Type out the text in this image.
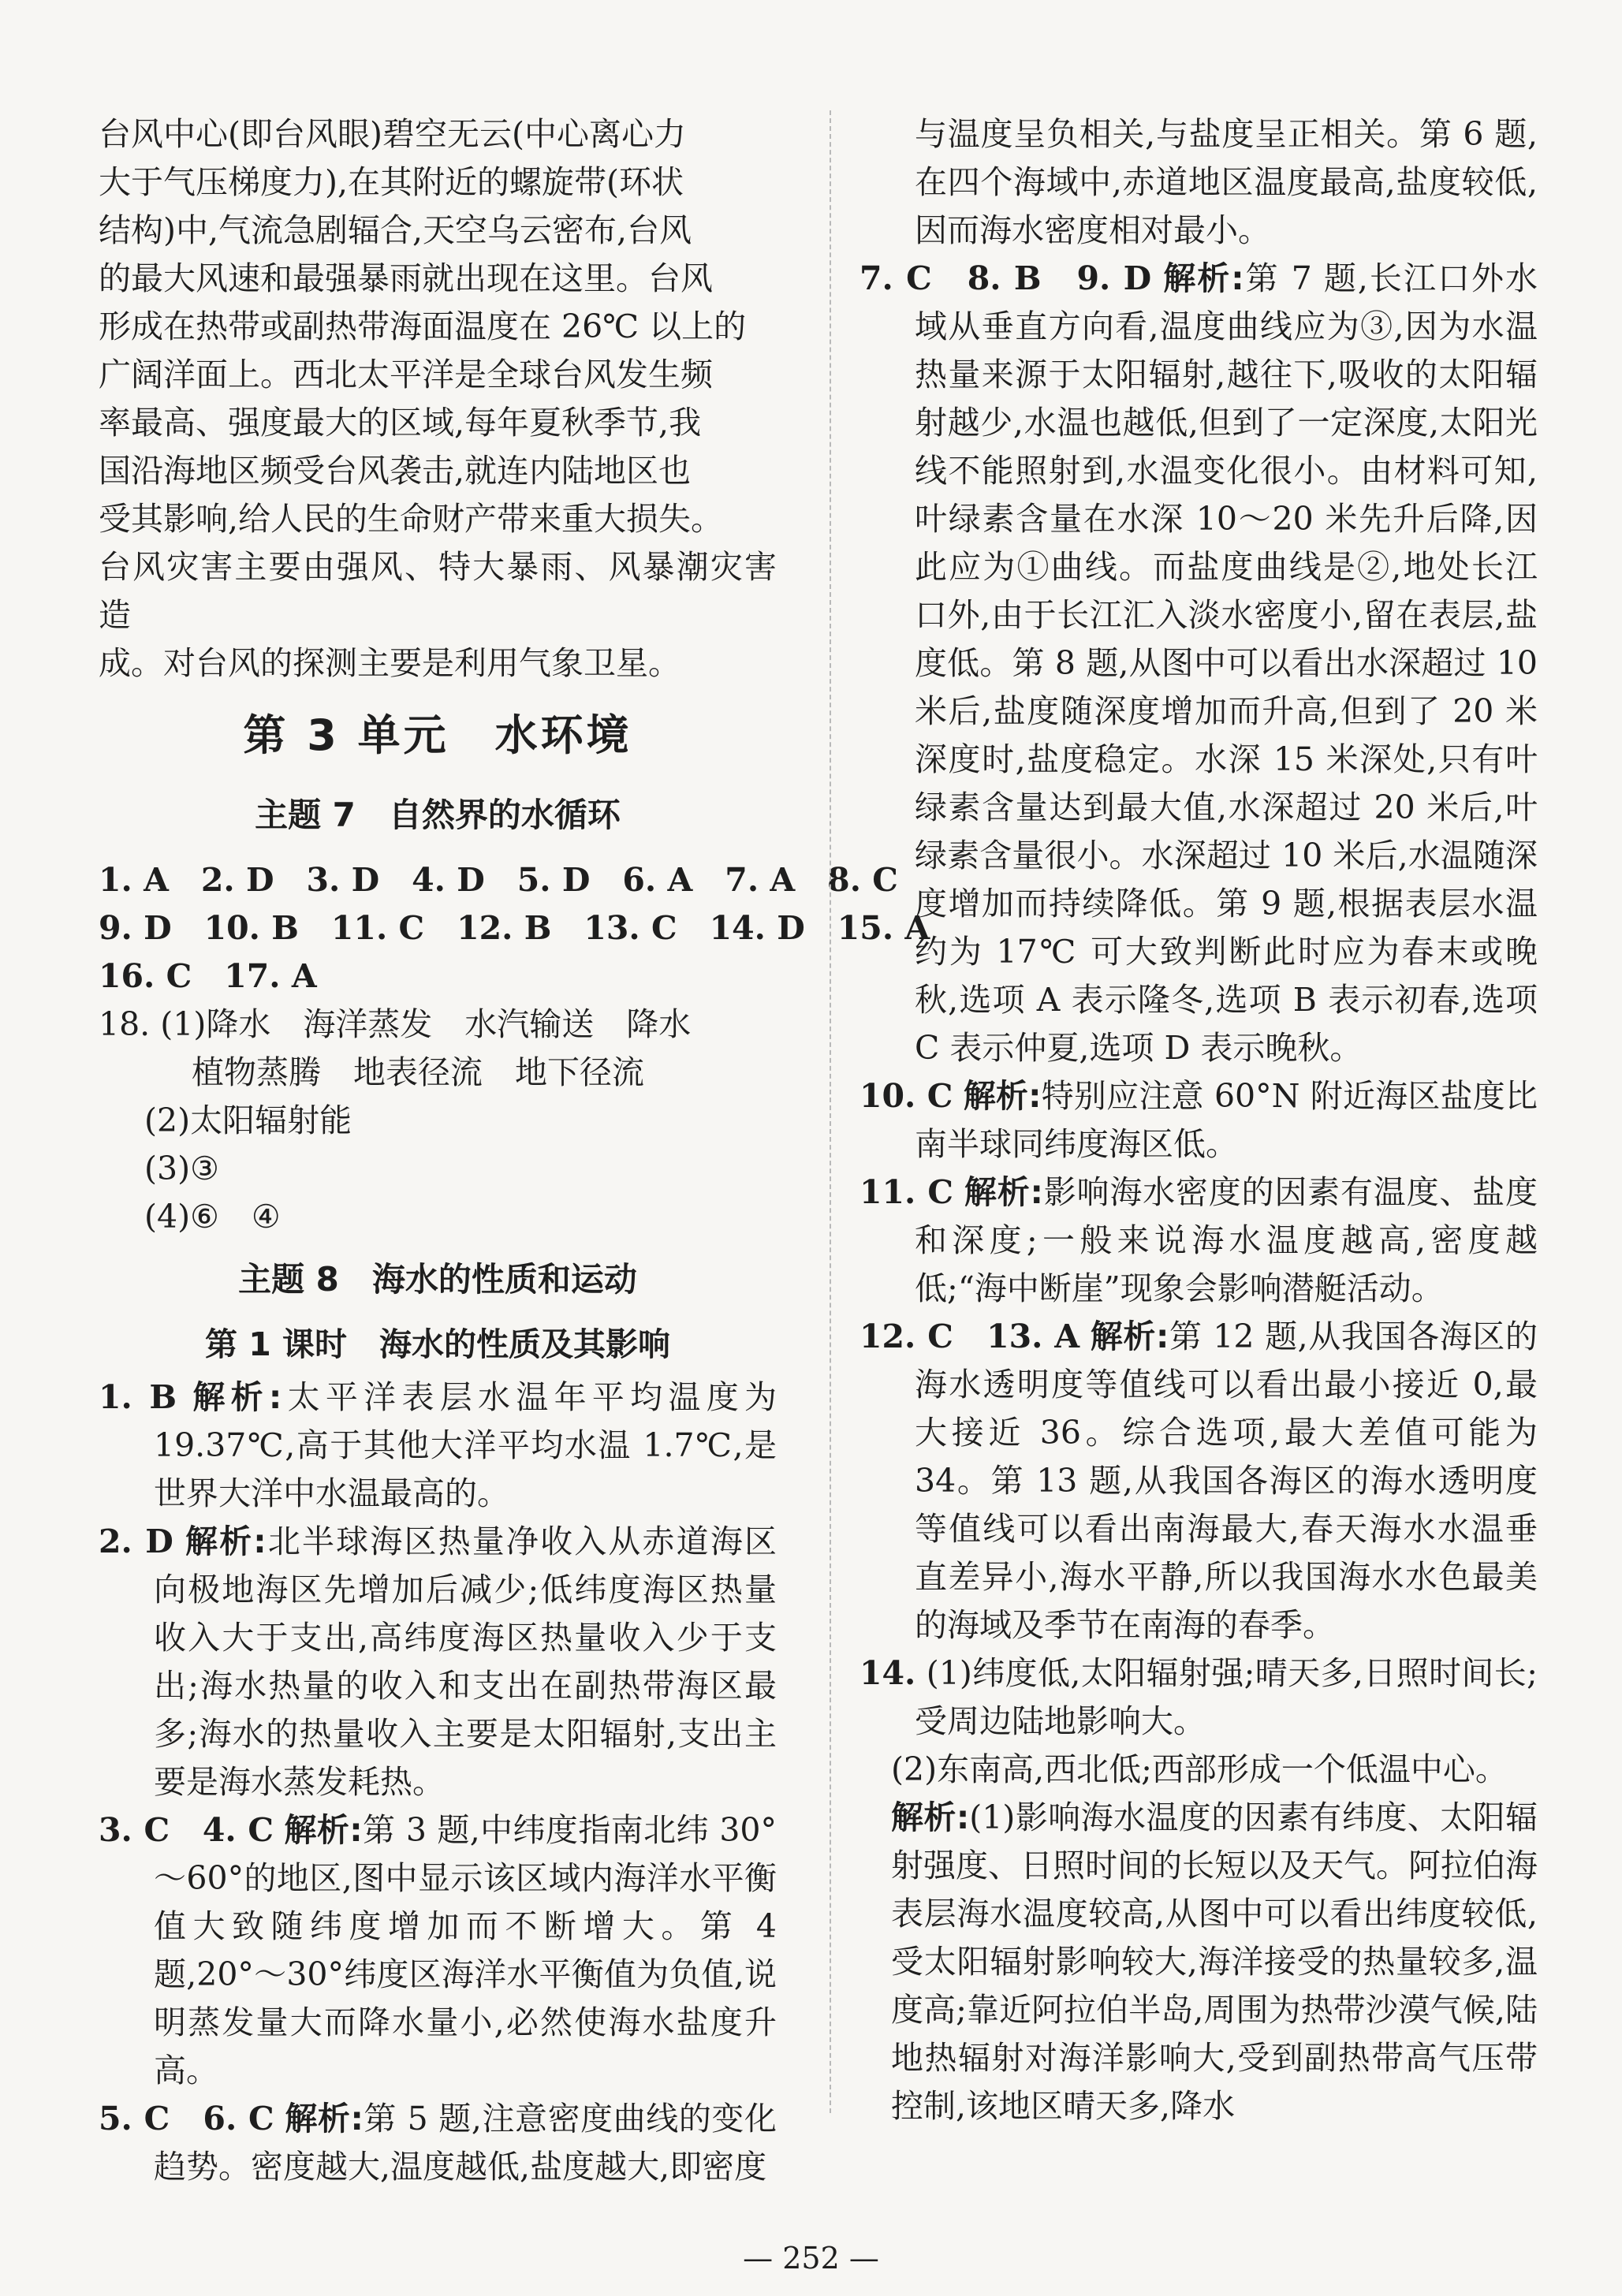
台风中心(即台风眼)碧空无云(中心离心力

大于气压梯度力),在其附近的螺旋带(环状

结构)中,气流急剧辐合,天空乌云密布,台风

的最大风速和最强暴雨就出现在这里。台风

形成在热带或副热带海面温度在 26℃ 以上的

广阔洋面上。西北太平洋是全球台风发生频

率最高、强度最大的区域,每年夏秋季节,我

国沿海地区频受台风袭击,就连内陆地区也

受其影响,给人民的生命财产带来重大损失。

台风灾害主要由强风、特大暴雨、风暴潮灾害造

成。对台风的探测主要是利用气象卫星。

第 3 单元　水环境
主题 7　自然界的水循环

1. A　2. D　3. D　4. D　5. D　6. A　7. A　8. C

9. D　10. B　11. C　12. B　13. C　14. D　15. A

16. C　17. A

18. (1)降水　海洋蒸发　水汽输送　降水

植物蒸腾　地表径流　地下径流

(2)太阳辐射能

(3)③

(4)⑥　④

主题 8　海水的性质和运动
第 1 课时　海水的性质及其影响

1. B 解析:太平洋表层水温年平均温度为 19.37℃,高于其他大洋平均水温 1.7℃,是世界大洋中水温最高的。

2. D 解析:北半球海区热量净收入从赤道海区向极地海区先增加后减少;低纬度海区热量收入大于支出,高纬度海区热量收入少于支出;海水热量的收入和支出在副热带海区最多;海水的热量收入主要是太阳辐射,支出主要是海水蒸发耗热。

3. C　4. C 解析:第 3 题,中纬度指南北纬 30°～60°的地区,图中显示该区域内海洋水平衡值大致随纬度增加而不断增大。第 4 题,20°～30°纬度区海洋水平衡值为负值,说明蒸发量大而降水量小,必然使海水盐度升高。

5. C　6. C 解析:第 5 题,注意密度曲线的变化趋势。密度越大,温度越低,盐度越大,即密度

与温度呈负相关,与盐度呈正相关。第 6 题,在四个海域中,赤道地区温度最高,盐度较低,因而海水密度相对最小。

7. C　8. B　9. D 解析:第 7 题,长江口外水域从垂直方向看,温度曲线应为③,因为水温热量来源于太阳辐射,越往下,吸收的太阳辐射越少,水温也越低,但到了一定深度,太阳光线不能照射到,水温变化很小。由材料可知,叶绿素含量在水深 10～20 米先升后降,因此应为①曲线。而盐度曲线是②,地处长江口外,由于长江汇入淡水密度小,留在表层,盐度低。第 8 题,从图中可以看出水深超过 10 米后,盐度随深度增加而升高,但到了 20 米深度时,盐度稳定。水深 15 米深处,只有叶绿素含量达到最大值,水深超过 20 米后,叶绿素含量很小。水深超过 10 米后,水温随深度增加而持续降低。第 9 题,根据表层水温约为 17℃ 可大致判断此时应为春末或晚秋,选项 A 表示隆冬,选项 B 表示初春,选项 C 表示仲夏,选项 D 表示晚秋。

10. C 解析:特别应注意 60°N 附近海区盐度比南半球同纬度海区低。

11. C 解析:影响海水密度的因素有温度、盐度和深度;一般来说海水温度越高,密度越低;“海中断崖”现象会影响潜艇活动。

12. C　13. A 解析:第 12 题,从我国各海区的海水透明度等值线可以看出最小接近 0,最大接近 36。综合选项,最大差值可能为 34。第 13 题,从我国各海区的海水透明度等值线可以看出南海最大,春天海水水温垂直差异小,海水平静,所以我国海水水色最美的海域及季节在南海的春季。

14. (1)纬度低,太阳辐射强;晴天多,日照时间长;受周边陆地影响大。

(2)东南高,西北低;西部形成一个低温中心。

解析:(1)影响海水温度的因素有纬度、太阳辐射强度、日照时间的长短以及天气。阿拉伯海表层海水温度较高,从图中可以看出纬度较低,受太阳辐射影响较大,海洋接受的热量较多,温度高;靠近阿拉伯半岛,周围为热带沙漠气候,陆地热辐射对海洋影响大,受到副热带高气压带控制,该地区晴天多,降水

— 252 —
